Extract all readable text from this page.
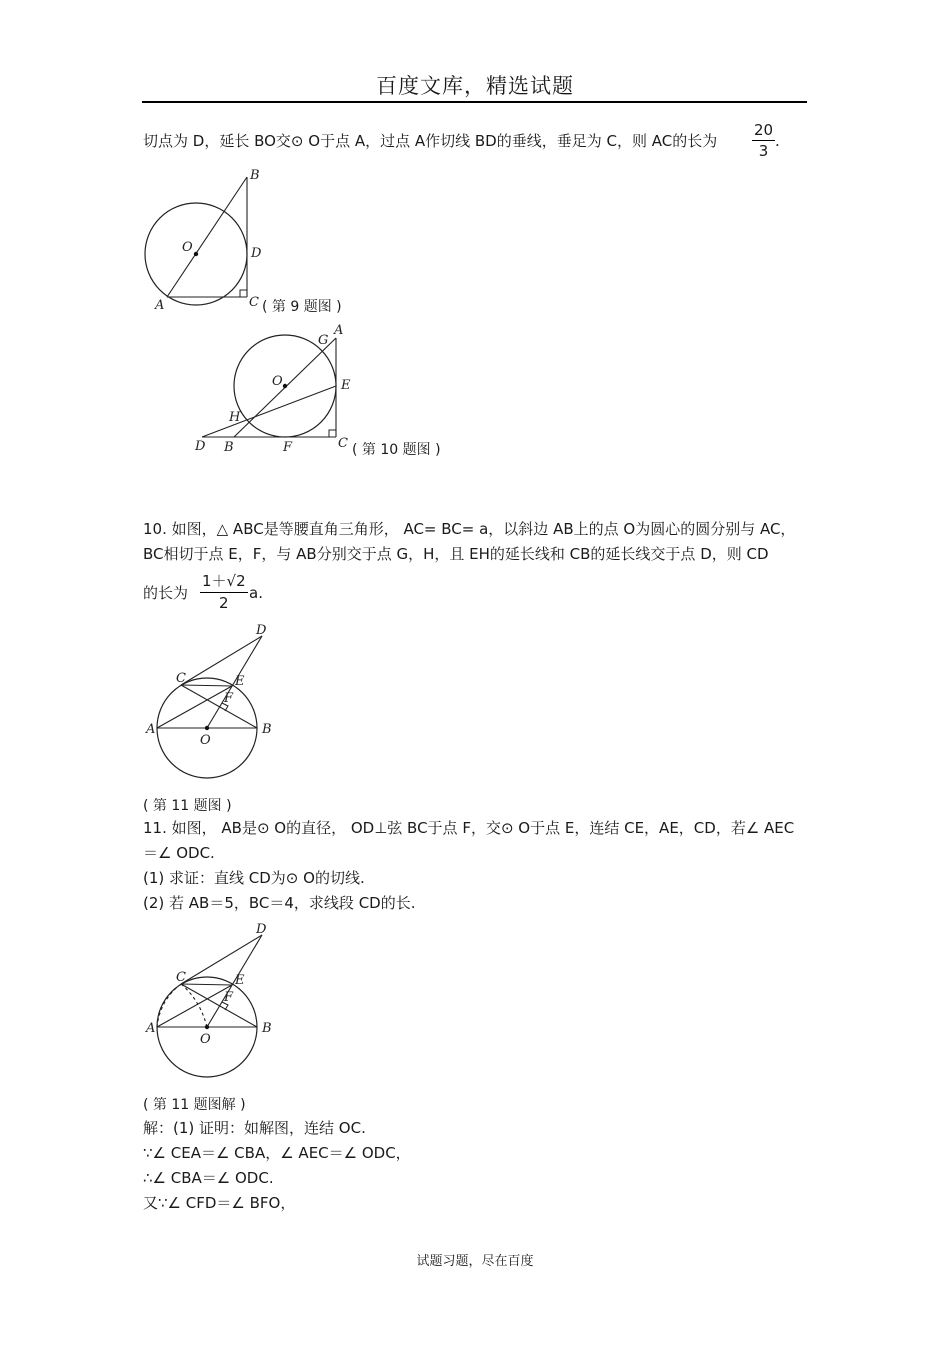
百度文库，精选试题
切点为 D，延长 BO交⊙ O于点 A，过点 A作切线 BD的垂线，垂足为 C，则 AC的长为 $\frac{20}{3}$ .
B
D
O
A	C ( 第 9 题图 )
A
G
O	E
H
D B	F	C ( 第 10 题图 )
10. 如图，△ ABC是等腰直角三角形， AC= BC= a，以斜边 AB上的点 O为圆心的圆分别与 AC，
BC相切于点 E，F，与 AB分别交于点 G，H，且 EH的延长线和 CB的延长线交于点 D，则 CD
的长为 $\frac{1+√2}{2} a$.
D
C	E
F
A	B
O
( 第 11 题图 )
11. 如图， AB是⊙ O的直径， OD⊥弦 BC于点 F，交⊙ O于点 E，连结 CE，AE，CD，若∠ AEC
＝∠ ODC.
(1) 求证：直线 CD为⊙ O的切线.
(2) 若 AB＝5，BC＝4，求线段 CD的长.
D
C	E
F
A	B
O
( 第 11 题图解 )
解：(1) 证明：如解图，连结 OC.
∵∠ CEA＝∠ CBA，∠ AEC＝∠ ODC，
∴∠ CBA＝∠ ODC.
又∵∠ CFD＝∠ BFO，
试题习题，尽在百度
